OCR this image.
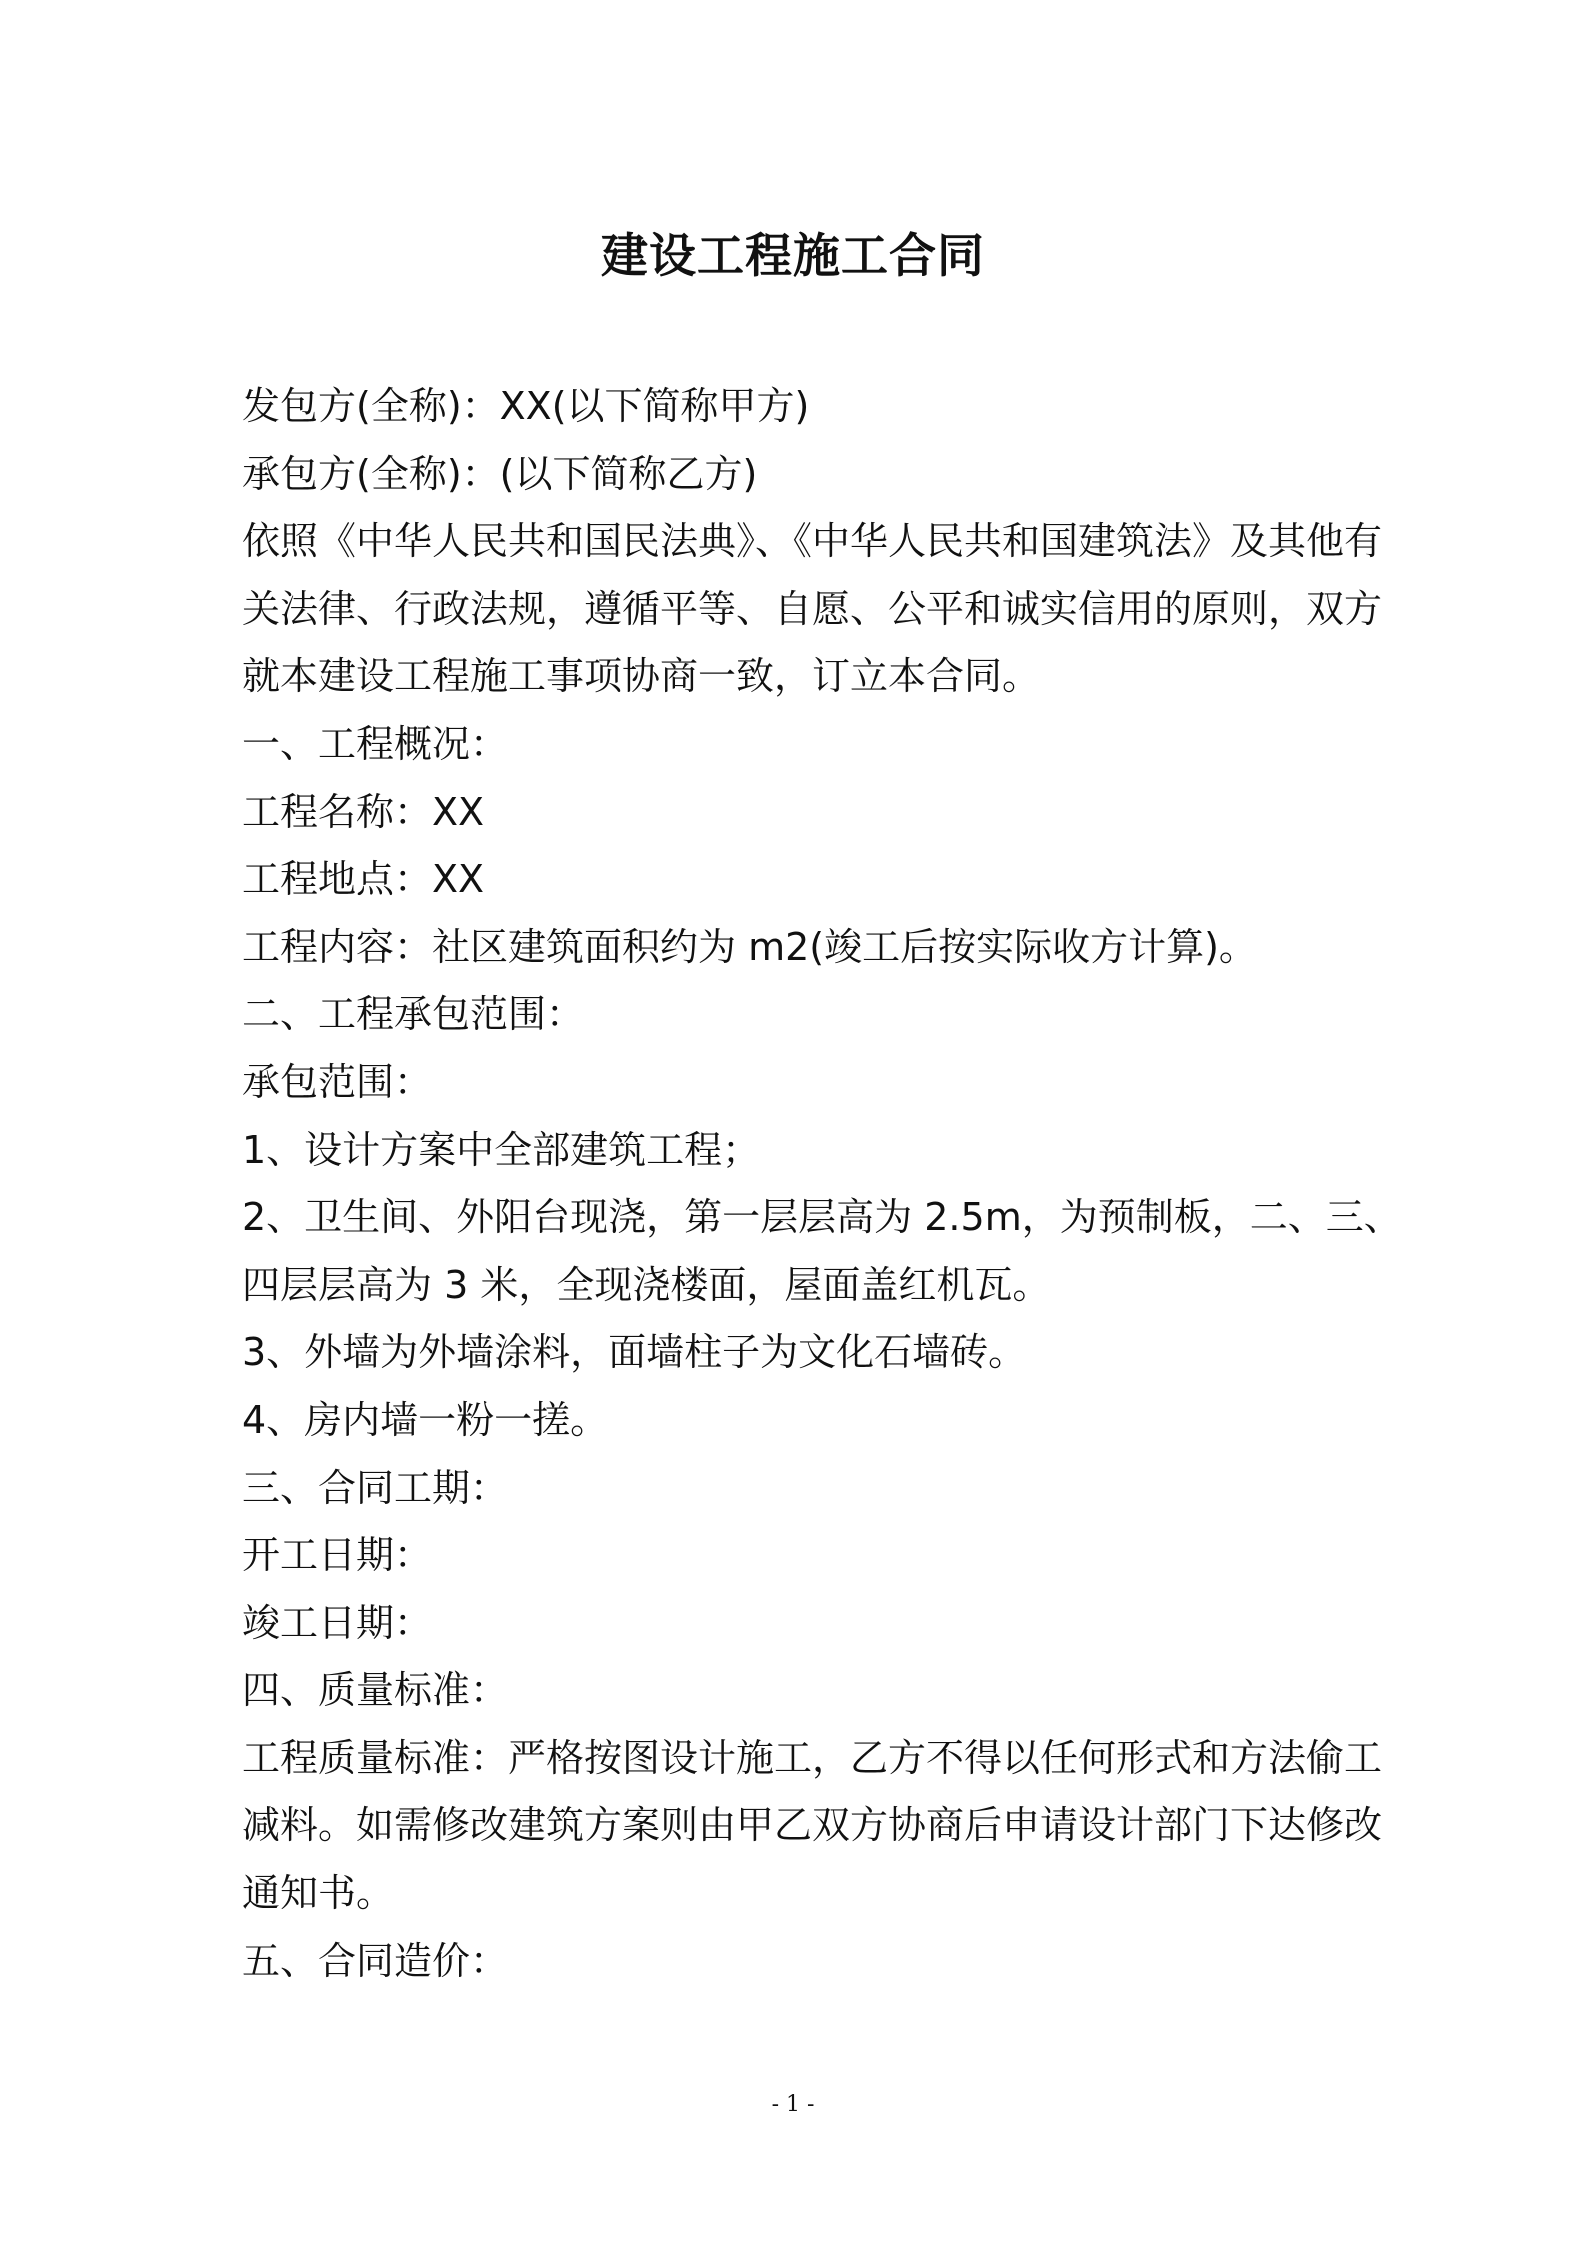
建设工程施工合同

发包方(全称)：XX(以下简称甲方)

承包方(全称)：(以下简称乙方)

依照《中华人民共和国民法典》、《中华人民共和国建筑法》及其他有

关法律、行政法规，遵循平等、自愿、公平和诚实信用的原则，双方

就本建设工程施工事项协商一致，订立本合同。

一、工程概况：

工程名称：XX

工程地点：XX

工程内容：社区建筑面积约为 m2(竣工后按实际收方计算)。

二、工程承包范围：

承包范围：

1、设计方案中全部建筑工程；

2、卫生间、外阳台现浇，第一层层高为 2.5m，为预制板，二、三、

四层层高为 3 米，全现浇楼面，屋面盖红机瓦。

3、外墙为外墙涂料，面墙柱子为文化石墙砖。

4、房内墙一粉一搓。

三、合同工期：

开工日期：

竣工日期：

四、质量标准：

工程质量标准：严格按图设计施工，乙方不得以任何形式和方法偷工

减料。如需修改建筑方案则由甲乙双方协商后申请设计部门下达修改

通知书。

五、合同造价：

- 1 -
